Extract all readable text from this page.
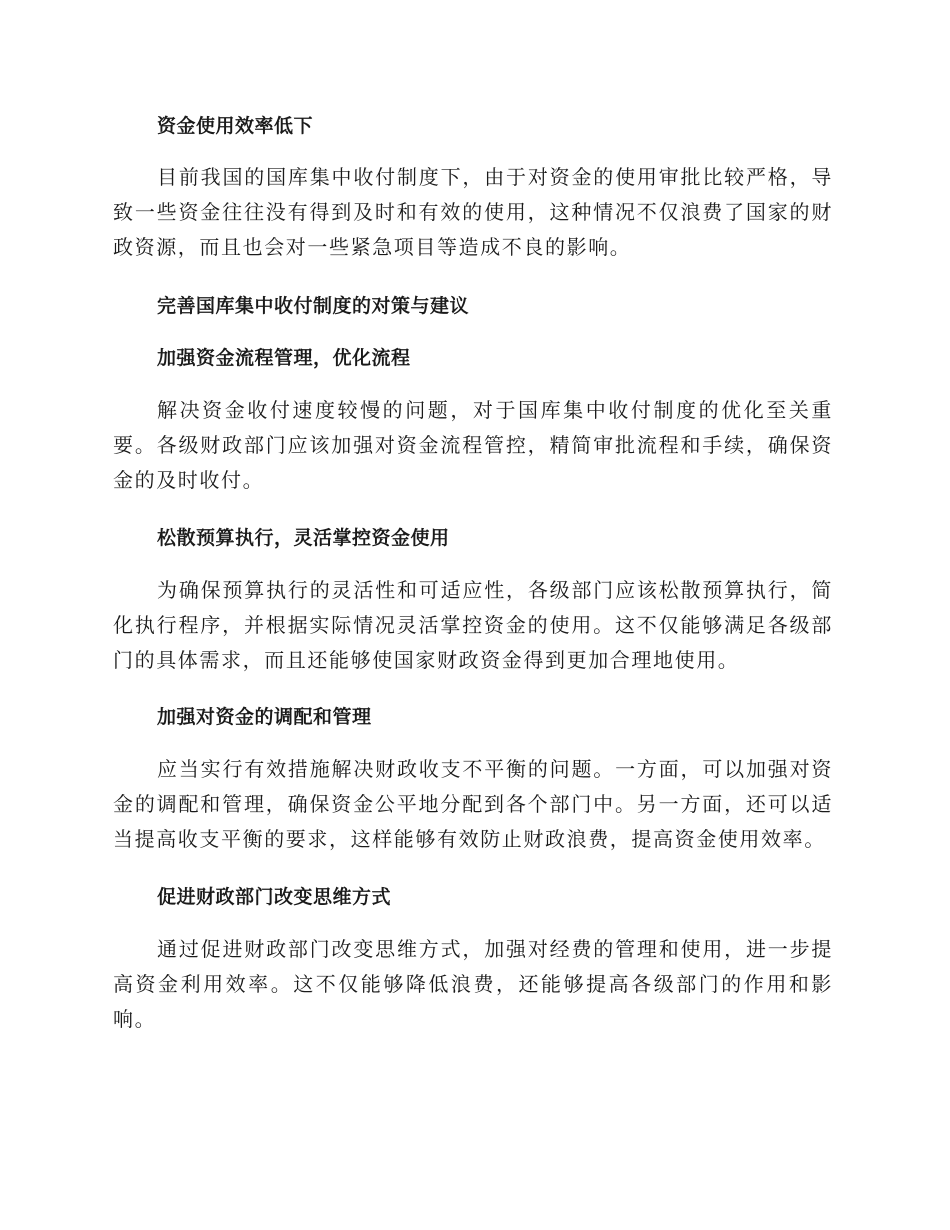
资金使用效率低下
目前我国的国库集中收付制度下，由于对资金的使用审批比较严格，导致一些资金往往没有得到及时和有效的使用，这种情况不仅浪费了国家的财政资源，而且也会对一些紧急项目等造成不良的影响。
完善国库集中收付制度的对策与建议
加强资金流程管理，优化流程
解决资金收付速度较慢的问题，对于国库集中收付制度的优化至关重要。各级财政部门应该加强对资金流程管控，精简审批流程和手续，确保资金的及时收付。
松散预算执行，灵活掌控资金使用
为确保预算执行的灵活性和可适应性，各级部门应该松散预算执行，简化执行程序，并根据实际情况灵活掌控资金的使用。这不仅能够满足各级部门的具体需求，而且还能够使国家财政资金得到更加合理地使用。
加强对资金的调配和管理
应当实行有效措施解决财政收支不平衡的问题。一方面，可以加强对资金的调配和管理，确保资金公平地分配到各个部门中。另一方面，还可以适当提高收支平衡的要求，这样能够有效防止财政浪费，提高资金使用效率。
促进财政部门改变思维方式
通过促进财政部门改变思维方式，加强对经费的管理和使用，进一步提高资金利用效率。这不仅能够降低浪费，还能够提高各级部门的作用和影响。
